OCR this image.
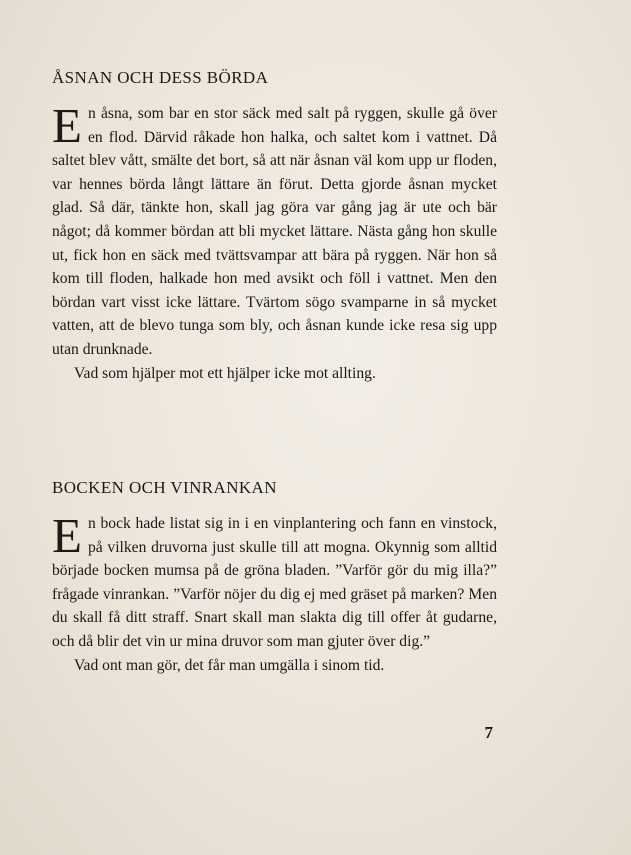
ÅSNAN OCH DESS BÖRDA

En åsna, som bar en stor säck med salt på ryggen, skulle gå över en flod. Därvid råkade hon halka, och saltet kom i vattnet. Då saltet blev vått, smälte det bort, så att när åsnan väl kom upp ur floden, var hennes börda långt lättare än förut. Detta gjorde åsnan mycket glad. Så där, tänkte hon, skall jag göra var gång jag är ute och bär något; då kommer bördan att bli mycket lättare. Nästa gång hon skulle ut, fick hon en säck med tvättsvampar att bära på ryggen. När hon så kom till floden, halkade hon med avsikt och föll i vattnet. Men den bördan vart visst icke lättare. Tvärtom sögo svamparne in så mycket vatten, att de blevo tunga som bly, och åsnan kunde icke resa sig upp utan drunknade.

Vad som hjälper mot ett hjälper icke mot allting.

BOCKEN OCH VINRANKAN

En bock hade listat sig in i en vinplantering och fann en vinstock, på vilken druvorna just skulle till att mogna. Okynnig som alltid började bocken mumsa på de gröna bladen. ”Varför gör du mig illa?” frågade vinrankan. ”Varför nöjer du dig ej med gräset på marken? Men du skall få ditt straff. Snart skall man slakta dig till offer åt gudarne, och då blir det vin ur mina druvor som man gjuter över dig.”

Vad ont man gör, det får man umgälla i sinom tid.

7
